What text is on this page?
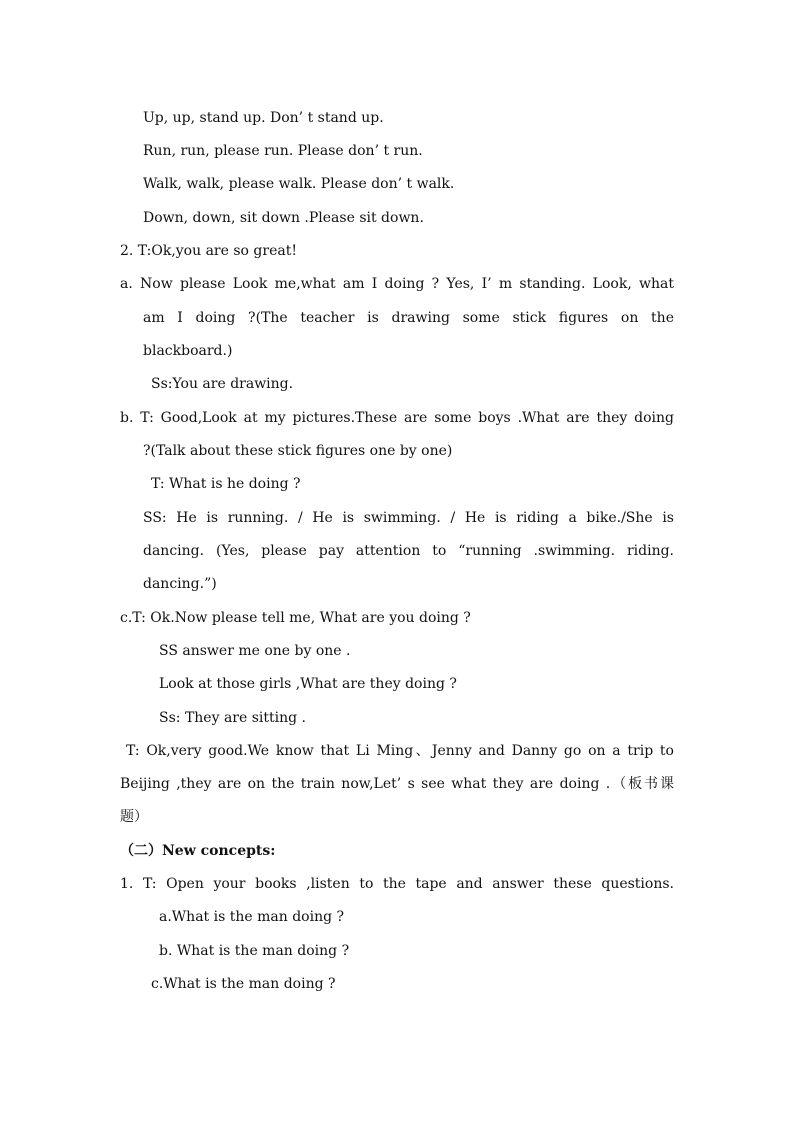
Up, up, stand up. Don’ t stand up.
Run, run, please run. Please don’ t run.
Walk, walk, please walk. Please don’ t walk.
Down, down, sit down .Please sit down.
2. T:Ok,you are so great!
a. Now please Look me,what am I doing ? Yes, I’ m standing. Look, what
am I doing ?(The teacher is drawing some stick figures on the
blackboard.)
Ss:You are drawing.
b. T: Good,Look at my pictures.These are some boys .What are they doing
?(Talk about these stick figures one by one)
T: What is he doing ?
SS: He is running. / He is swimming. / He is riding a bike./She is
dancing. (Yes, please pay attention to “running .swimming. riding.
dancing.”)
c.T: Ok.Now please tell me, What are you doing ?
SS answer me one by one .
Look at those girls ,What are they doing ?
Ss: They are sitting .
T: Ok,very good.We know that Li Ming、Jenny and Danny go on a trip to
Beijing ,they are on the train now,Let’ s see what they are doing .（板书课
题）
（二）New concepts:
1. T: Open your books ,listen to the tape and answer these questions.
a.What is the man doing ?
b. What is the man doing ?
c.What is the man doing ?
